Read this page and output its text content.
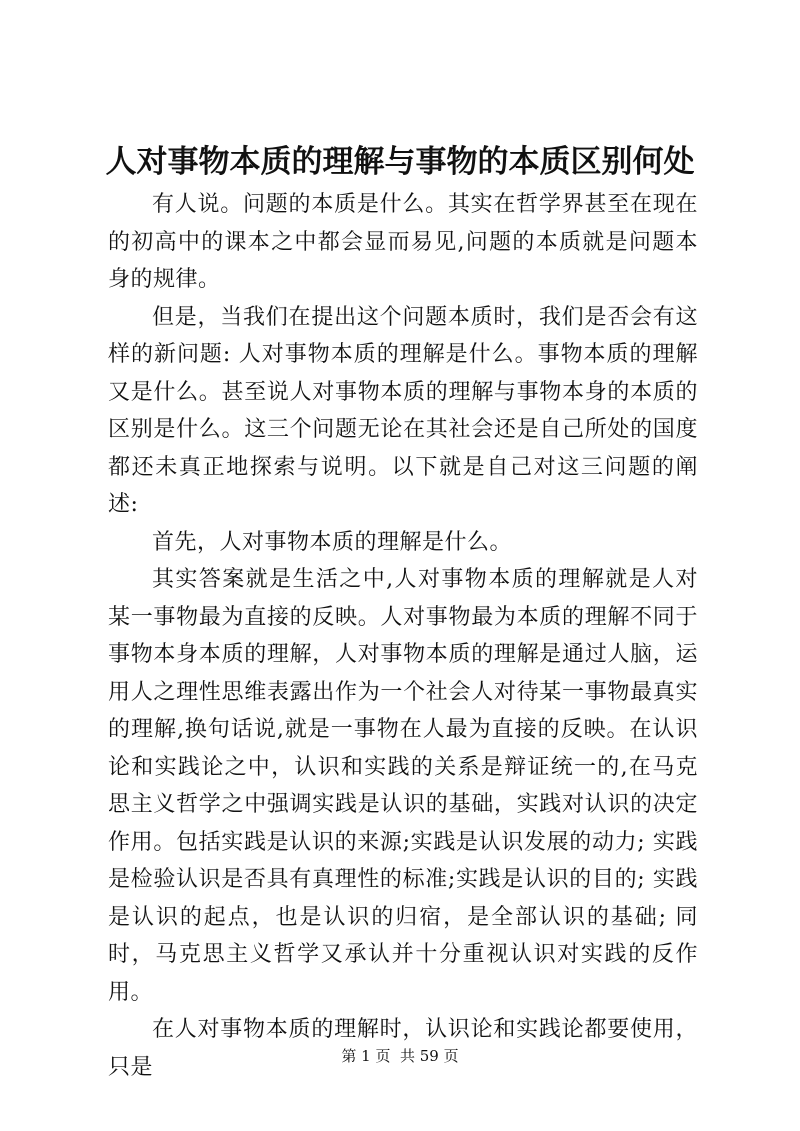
人对事物本质的理解与事物的本质区别何处

有人说。问题的本质是什么。其实在哲学界甚至在现在的初高中的课本之中都会显而易见,问题的本质就是问题本身的规律。

但是，当我们在提出这个问题本质时，我们是否会有这样的新问题: 人对事物本质的理解是什么。事物本质的理解又是什么。甚至说人对事物本质的理解与事物本身的本质的区别是什么。这三个问题无论在其社会还是自己所处的国度都还未真正地探索与说明。以下就是自己对这三问题的阐述:

首先，人对事物本质的理解是什么。

其实答案就是生活之中,人对事物本质的理解就是人对某一事物最为直接的反映。人对事物最为本质的理解不同于事物本身本质的理解，人对事物本质的理解是通过人脑，运用人之理性思维表露出作为一个社会人对待某一事物最真实的理解,换句话说,就是一事物在人最为直接的反映。在认识论和实践论之中，认识和实践的关系是辩证统一的,在马克思主义哲学之中强调实践是认识的基础，实践对认识的决定作用。包括实践是认识的来源;实践是认识发展的动力; 实践是检验认识是否具有真理性的标准;实践是认识的目的; 实践是认识的起点，也是认识的归宿，是全部认识的基础; 同时，马克思主义哲学又承认并十分重视认识对实践的反作用。

在人对事物本质的理解时，认识论和实践论都要使用，只是	第 1 页  共 59 页
